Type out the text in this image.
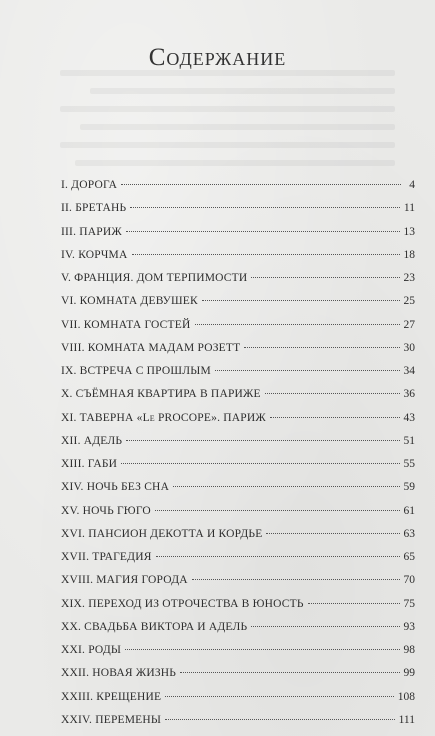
Содержание
I. ДОРОГА	4
II. БРЕТАНЬ	11
III. ПАРИЖ	13
IV. КОРЧМА	18
V. ФРАНЦИЯ. ДОМ ТЕРПИМОСТИ	23
VI. КОМНАТА ДЕВУШЕК	25
VII. КОМНАТА ГОСТЕЙ	27
VIII. КОМНАТА МАДАМ РОЗЕТТ	30
IX. ВСТРЕЧА С ПРОШЛЫМ	34
X. СЪЁМНАЯ КВАРТИРА В ПАРИЖЕ	36
XI. ТАВЕРНА «Le PROCOPE». ПАРИЖ	43
XII. АДЕЛЬ	51
XIII. ГАБИ	55
XIV. НОЧЬ БЕЗ СНА	59
XV. НОЧЬ ГЮГО	61
XVI. ПАНСИОН ДЕКОТТА И КОРДЬЕ	63
XVII. ТРАГЕДИЯ	65
XVIII. МАГИЯ ГОРОДА	70
XIX. ПЕРЕХОД ИЗ ОТРОЧЕСТВА В ЮНОСТЬ	75
XX. СВАДЬБА ВИКТОРА И АДЕЛЬ	93
XXI. РОДЫ	98
XXII. НОВАЯ ЖИЗНЬ	99
XXIII. КРЕЩЕНИЕ	108
XXIV. ПЕРЕМЕНЫ	111
